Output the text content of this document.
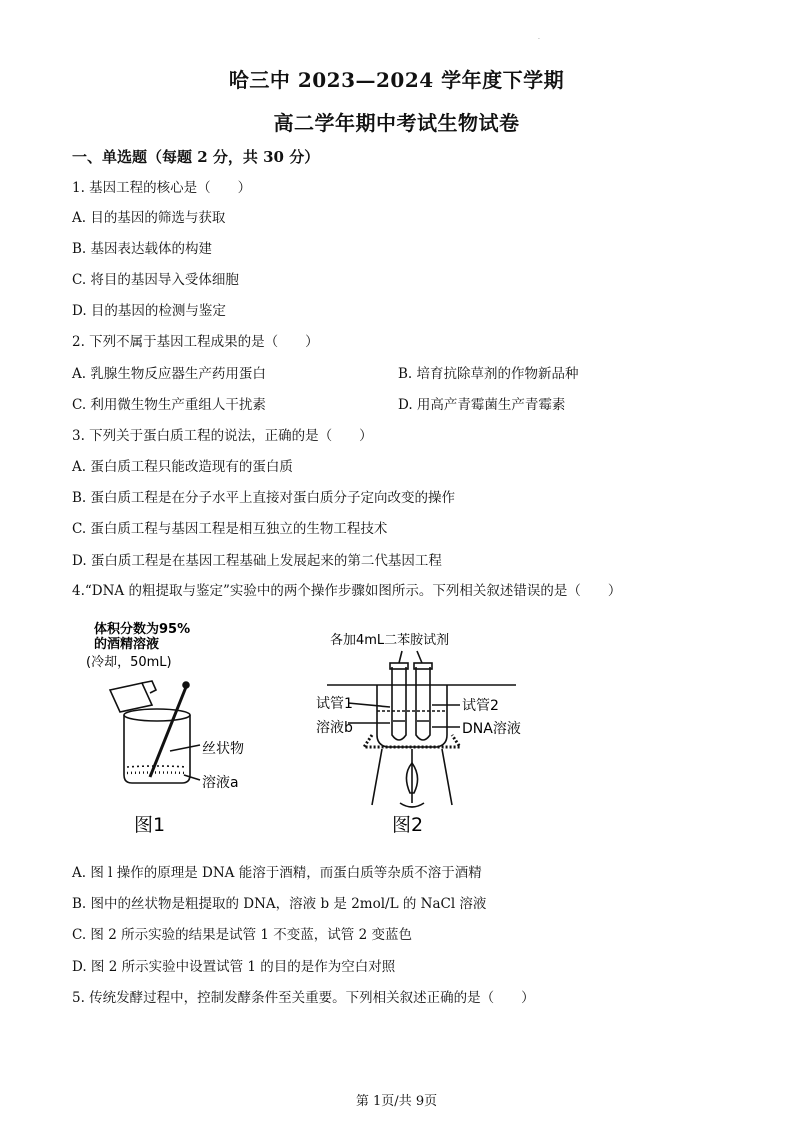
.
哈三中 2023—2024 学年度下学期
高二学年期中考试生物试卷
一、单选题（每题 2 分，共 30 分）
1. 基因工程的核心是（　　）
A. 目的基因的筛选与获取
B. 基因表达载体的构建
C. 将目的基因导入受体细胞
D. 目的基因的检测与鉴定
2. 下列不属于基因工程成果的是（　　）
A. 乳腺生物反应器生产药用蛋白	B. 培育抗除草剂的作物新品种
C. 利用微生物生产重组人干扰素	D. 用高产青霉菌生产青霉素
3. 下列关于蛋白质工程的说法，正确的是（　　）
A. 蛋白质工程只能改造现有的蛋白质
B. 蛋白质工程是在分子水平上直接对蛋白质分子定向改变的操作
C. 蛋白质工程与基因工程是相互独立的生物工程技术
D. 蛋白质工程是在基因工程基础上发展起来的第二代基因工程
4.“DNA 的粗提取与鉴定”实验中的两个操作步骤如图所示。下列相关叙述错误的是（　　）
体积分数为95%
的酒精溶液
(冷却，50mL)
丝状物
溶液a
图1
各加4mL二苯胺试剂
试管1
溶液b
试管2
DNA溶液
图2
A. 图 l 操作的原理是 DNA 能溶于酒精，而蛋白质等杂质不溶于酒精
B. 图中的丝状物是粗提取的 DNA，溶液 b 是 2mol/L 的 NaCl 溶液
C. 图 2 所示实验的结果是试管 1 不变蓝，试管 2 变蓝色
D. 图 2 所示实验中设置试管 1 的目的是作为空白对照
5. 传统发酵过程中，控制发酵条件至关重要。下列相关叙述正确的是（　　）
第 1页/共 9页
